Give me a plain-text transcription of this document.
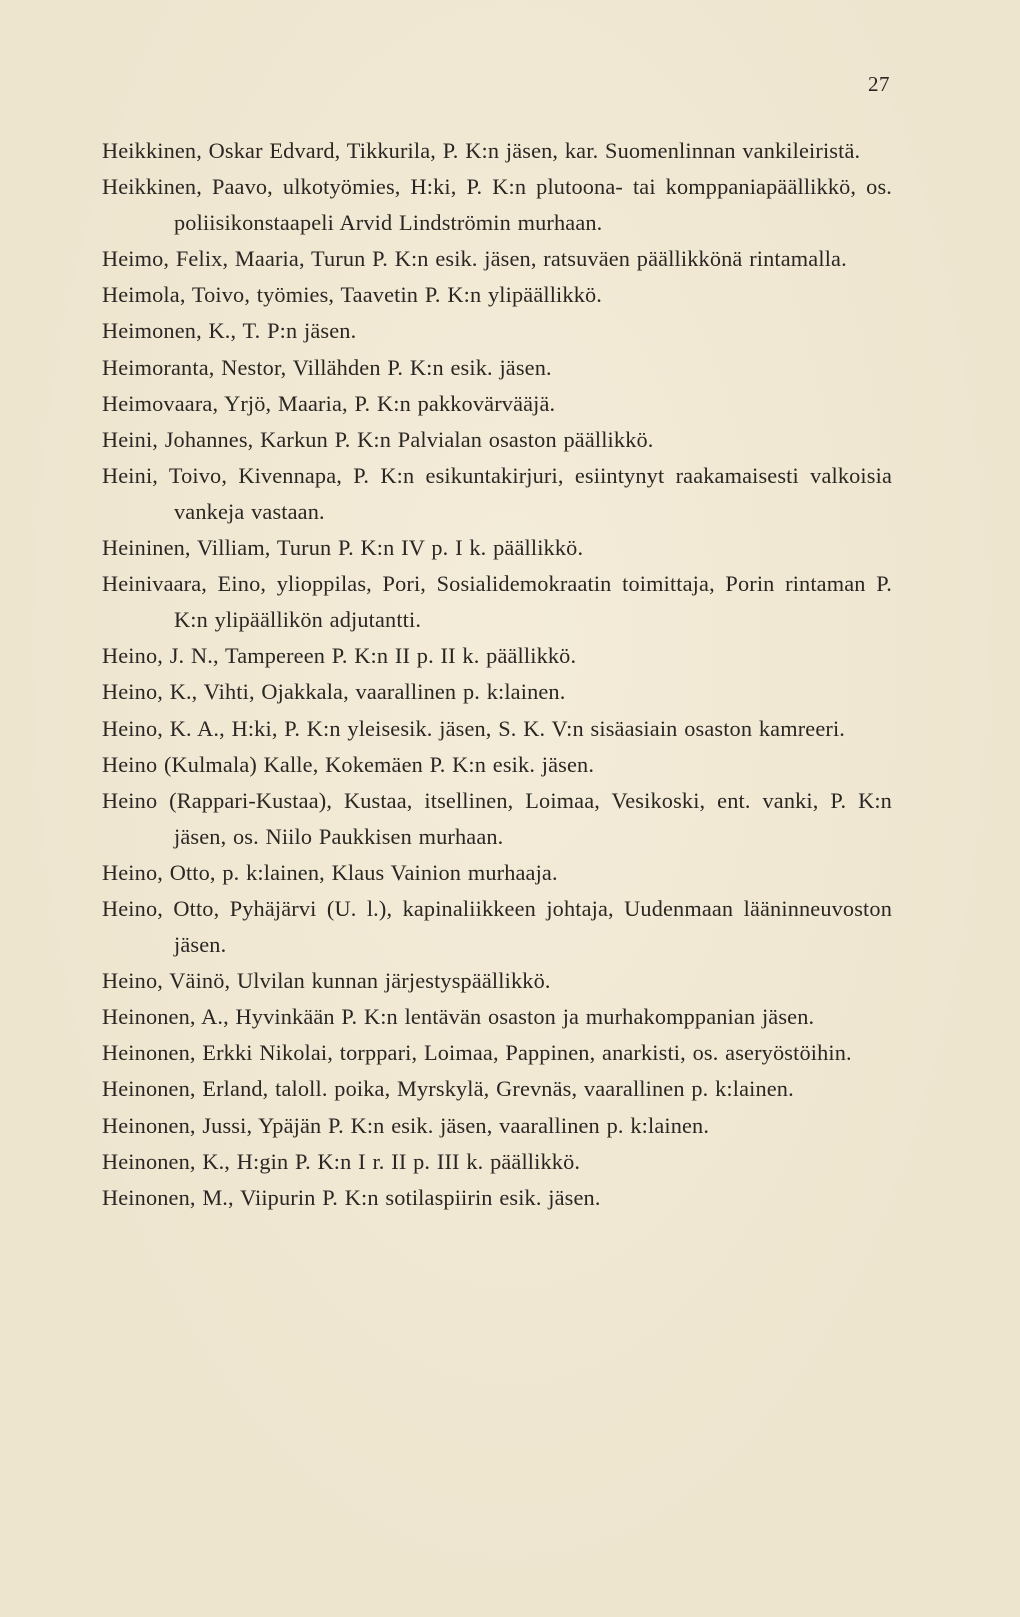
27
Heikkinen, Oskar Edvard, Tikkurila, P. K:n jäsen, kar. Suomenlinnan vankileiristä.
Heikkinen, Paavo, ulkotyömies, H:ki, P. K:n plutoona- tai komppaniapäällikkö, os. poliisikonstaapeli Arvid Lindströmin murhaan.
Heimo, Felix, Maaria, Turun P. K:n esik. jäsen, ratsuväen päällikkönä rintamalla.
Heimola, Toivo, työmies, Taavetin P. K:n ylipäällikkö.
Heimonen, K., T. P:n jäsen.
Heimoranta, Nestor, Villähden P. K:n esik. jäsen.
Heimovaara, Yrjö, Maaria, P. K:n pakkovärvääjä.
Heini, Johannes, Karkun P. K:n Palvialan osaston päällikkö.
Heini, Toivo, Kivennapa, P. K:n esikuntakirjuri, esiintynyt raakamaisesti valkoisia vankeja vastaan.
Heininen, Villiam, Turun P. K:n IV p. I k. päällikkö.
Heinivaara, Eino, ylioppilas, Pori, Sosialidemokraatin toimittaja, Porin rintaman P. K:n ylipäällikön adjutantti.
Heino, J. N., Tampereen P. K:n II p. II k. päällikkö.
Heino, K., Vihti, Ojakkala, vaarallinen p. k:lainen.
Heino, K. A., H:ki, P. K:n yleisesik. jäsen, S. K. V:n sisäasiain osaston kamreeri.
Heino (Kulmala) Kalle, Kokemäen P. K:n esik. jäsen.
Heino (Rappari-Kustaa), Kustaa, itsellinen, Loimaa, Vesikoski, ent. vanki, P. K:n jäsen, os. Niilo Paukkisen murhaan.
Heino, Otto, p. k:lainen, Klaus Vainion murhaaja.
Heino, Otto, Pyhäjärvi (U. l.), kapinaliikkeen johtaja, Uudenmaan lääninneuvoston jäsen.
Heino, Väinö, Ulvilan kunnan järjestyspäällikkö.
Heinonen, A., Hyvinkään P. K:n lentävän osaston ja murhakomppanian jäsen.
Heinonen, Erkki Nikolai, torppari, Loimaa, Pappinen, anarkisti, os. aseryöstöihin.
Heinonen, Erland, taloll. poika, Myrskylä, Grevnäs, vaarallinen p. k:lainen.
Heinonen, Jussi, Ypäjän P. K:n esik. jäsen, vaarallinen p. k:lainen.
Heinonen, K., H:gin P. K:n I r. II p. III k. päällikkö.
Heinonen, M., Viipurin P. K:n sotilaspiirin esik. jäsen.
